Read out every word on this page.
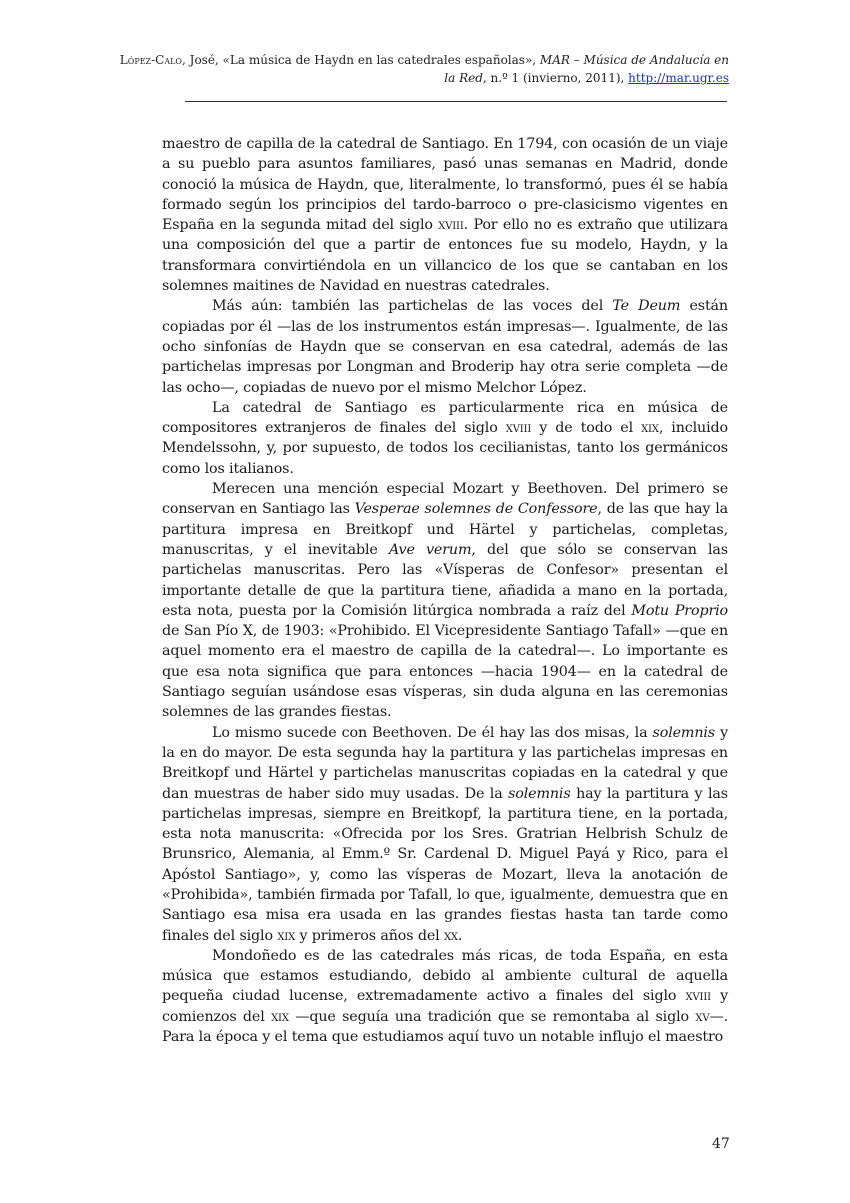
López-Calo, José, «La música de Haydn en las catedrales españolas», MAR – Música de Andalucía en la Red, n.º 1 (invierno, 2011), http://mar.ugr.es

maestro de capilla de la catedral de Santiago. En 1794, con ocasión de un viaje a su pueblo para asuntos familiares, pasó unas semanas en Madrid, donde conoció la música de Haydn, que, literalmente, lo transformó, pues él se había formado según los principios del tardo-barroco o pre-clasicismo vigentes en España en la segunda mitad del siglo xviii. Por ello no es extraño que utilizara una composición del que a partir de entonces fue su modelo, Haydn, y la transformara convirtiéndola en un villancico de los que se cantaban en los solemnes maitines de Navidad en nuestras catedrales.

Más aún: también las partichelas de las voces del Te Deum están copiadas por él —las de los instrumentos están impresas—. Igualmente, de las ocho sinfonías de Haydn que se conservan en esa catedral, además de las partichelas impresas por Longman and Broderip hay otra serie completa —de las ocho—, copiadas de nuevo por el mismo Melchor López.

La catedral de Santiago es particularmente rica en música de compositores extranjeros de finales del siglo xviii y de todo el xix, incluido Mendelssohn, y, por supuesto, de todos los cecilianistas, tanto los germánicos como los italianos.

Merecen una mención especial Mozart y Beethoven. Del primero se conservan en Santiago las Vesperae solemnes de Confessore, de las que hay la partitura impresa en Breitkopf und Härtel y partichelas, completas, manuscritas, y el inevitable Ave verum, del que sólo se conservan las partichelas manuscritas. Pero las «Vísperas de Confesor» presentan el importante detalle de que la partitura tiene, añadida a mano en la portada, esta nota, puesta por la Comisión litúrgica nombrada a raíz del Motu Proprio de San Pío X, de 1903: «Prohibido. El Vicepresidente Santiago Tafall» —que en aquel momento era el maestro de capilla de la catedral—. Lo importante es que esa nota significa que para entonces —hacia 1904— en la catedral de Santiago seguían usándose esas vísperas, sin duda alguna en las ceremonias solemnes de las grandes fiestas.

Lo mismo sucede con Beethoven. De él hay las dos misas, la solemnis y la en do mayor. De esta segunda hay la partitura y las partichelas impresas en Breitkopf und Härtel y partichelas manuscritas copiadas en la catedral y que dan muestras de haber sido muy usadas. De la solemnis hay la partitura y las partichelas impresas, siempre en Breitkopf, la partitura tiene, en la portada, esta nota manuscrita: «Ofrecida por los Sres. Gratrian Helbrish Schulz de Brunsrico, Alemania, al Emm.º Sr. Cardenal D. Miguel Payá y Rico, para el Apóstol Santiago», y, como las vísperas de Mozart, lleva la anotación de «Prohibida», también firmada por Tafall, lo que, igualmente, demuestra que en Santiago esa misa era usada en las grandes fiestas hasta tan tarde como finales del siglo xix y primeros años del xx.

Mondoñedo es de las catedrales más ricas, de toda España, en esta música que estamos estudiando, debido al ambiente cultural de aquella pequeña ciudad lucense, extremadamente activo a finales del siglo xviii y comienzos del xix —que seguía una tradición que se remontaba al siglo xv—. Para la época y el tema que estudiamos aquí tuvo un notable influjo el maestro

47
